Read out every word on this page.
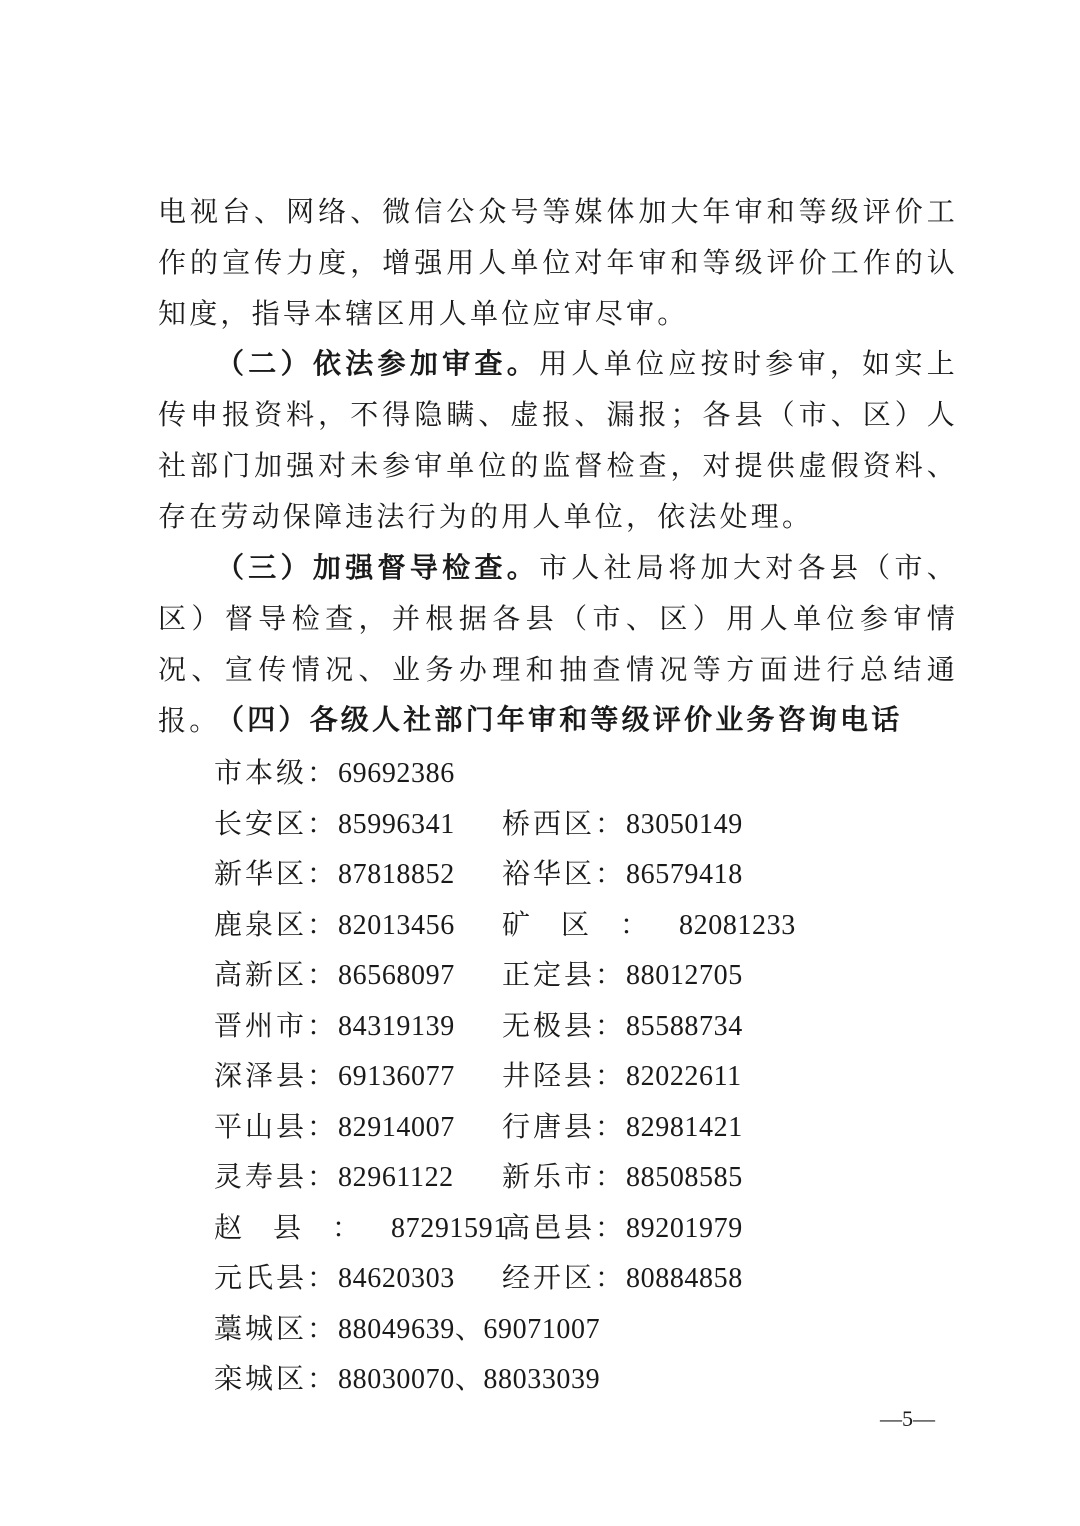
电视台、网络、微信公众号等媒体加大年审和等级评价工作的宣传力度，增强用人单位对年审和等级评价工作的认知度，指导本辖区用人单位应审尽审。

（二）依法参加审查。用人单位应按时参审，如实上传申报资料，不得隐瞒、虚报、漏报；各县（市、区）人社部门加强对未参审单位的监督检查，对提供虚假资料、存在劳动保障违法行为的用人单位，依法处理。

（三）加强督导检查。市人社局将加大对各县（市、区）督导检查，并根据各县（市、区）用人单位参审情况、宣传情况、业务办理和抽查情况等方面进行总结通报。

（四）各级人社部门年审和等级评价业务咨询电话

市本级：69692386
长安区：85996341 桥西区：83050149
新华区：87818852 裕华区：86579418
鹿泉区：82013456 矿区：82081233
高新区：86568097 正定县：88012705
晋州市：84319139 无极县：85588734
深泽县：69136077 井陉县：82022611
平山县：82914007 行唐县：82981421
灵寿县：82961122 新乐市：88508585
赵县：87291591
高邑县：89201979
元氏县：84620303 经开区：80884858
藁城区：88049639、69071007
栾城区：88030070、88033039
—5—
